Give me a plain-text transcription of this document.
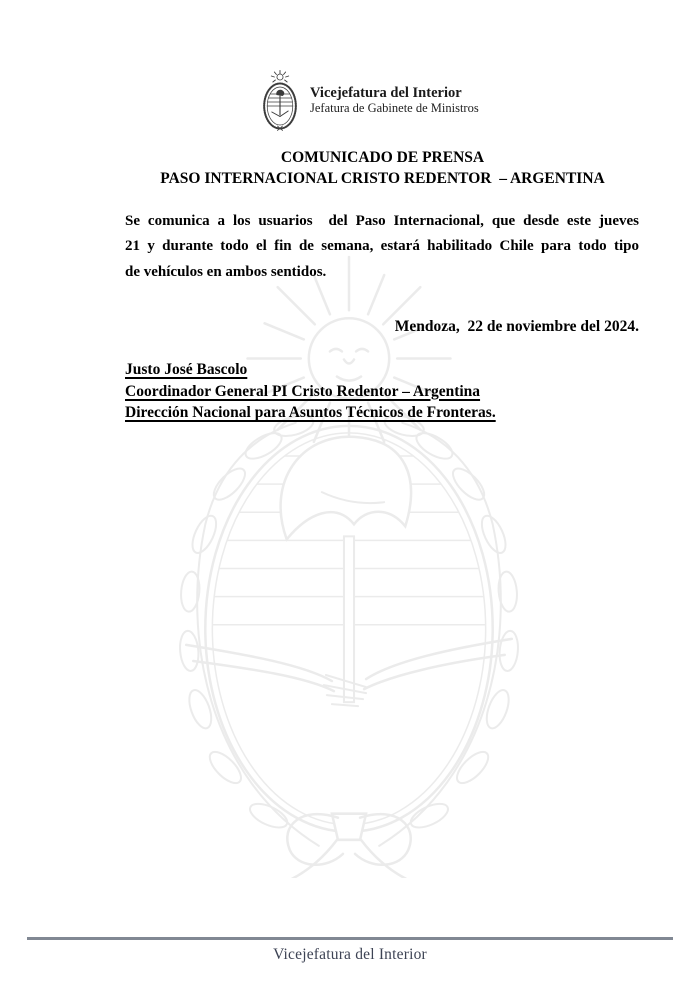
Vicejefatura del Interior
Jefatura de Gabinete de Ministros
COMUNICADO DE PRENSA
PASO INTERNACIONAL CRISTO REDENTOR  – ARGENTINA
Se comunica a los usuarios  del Paso Internacional, que desde este jueves
21 y durante todo el fin de semana, estará habilitado Chile para todo tipo
de vehículos en ambos sentidos.
Mendoza,  22 de noviembre del 2024.
Justo José Bascolo
Coordinador General PI Cristo Redentor – Argentina
Dirección Nacional para Asuntos Técnicos de Fronteras.
Vicejefatura del Interior
